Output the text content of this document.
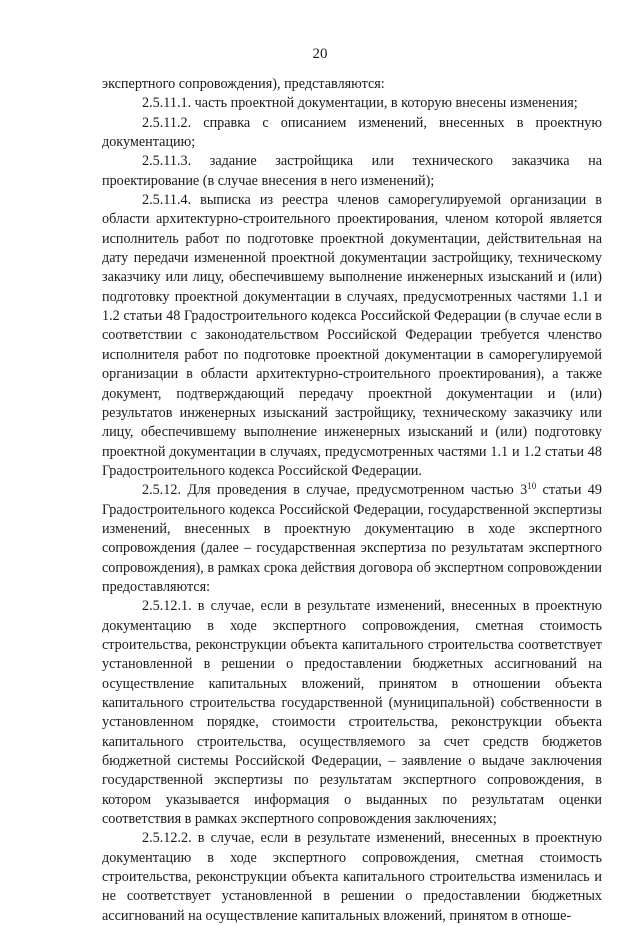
20

экспертного сопровождения), представляются:

2.5.11.1. часть проектной документации, в которую внесены изменения;

2.5.11.2. справка с описанием изменений, внесенных в проектную документацию;

2.5.11.3. задание застройщика или технического заказчика на проектирование (в случае внесения в него изменений);

2.5.11.4. выписка из реестра членов саморегулируемой организации в области архитектурно-строительного проектирования, членом которой является исполнитель работ по подготовке проектной документации, действительная на дату передачи измененной проектной документации застройщику, техническому заказчику или лицу, обеспечившему выполнение инженерных изысканий и (или) подготовку проектной документации в случаях, предусмотренных частями 1.1 и 1.2 статьи 48 Градостроительного кодекса Российской Федерации (в случае если в соответствии с законодательством Российской Федерации требуется членство исполнителя работ по подготовке проектной документации в саморегулируемой организации в области архитектурно-строительного проектирования), а также документ, подтверждающий передачу проектной документации и (или) результатов инженерных изысканий застройщику, техническому заказчику или лицу, обеспечившему выполнение инженерных изысканий и (или) подготовку проектной документации в случаях, предусмотренных частями 1.1 и 1.2 статьи 48 Градостроительного кодекса Российской Федерации.

2.5.12. Для проведения в случае, предусмотренном частью $3^{10}$ статьи 49 Градостроительного кодекса Российской Федерации, государственной экспертизы изменений, внесенных в проектную документацию в ходе экспертного сопровождения (далее – государственная экспертиза по результатам экспертного сопровождения), в рамках срока действия договора об экспертном сопровождении предоставляются:

2.5.12.1. в случае, если в результате изменений, внесенных в проектную документацию в ходе экспертного сопровождения, сметная стоимость строительства, реконструкции объекта капитального строительства соответствует установленной в решении о предоставлении бюджетных ассигнований на осуществление капитальных вложений, принятом в отношении объекта капитального строительства государственной (муниципальной) собственности в установленном порядке, стоимости строительства, реконструкции объекта капитального строительства, осуществляемого за счет средств бюджетов бюджетной системы Российской Федерации, – заявление о выдаче заключения государственной экспертизы по результатам экспертного сопровождения, в котором указывается информация о выданных по результатам оценки соответствия в рамках экспертного сопровождения заключениях;

2.5.12.2. в случае, если в результате изменений, внесенных в проектную документацию в ходе экспертного сопровождения, сметная стоимость строительства, реконструкции объекта капитального строительства изменилась и не соответствует установленной в решении о предоставлении бюджетных ассигнований на осуществление капитальных вложений, принятом в отноше-
